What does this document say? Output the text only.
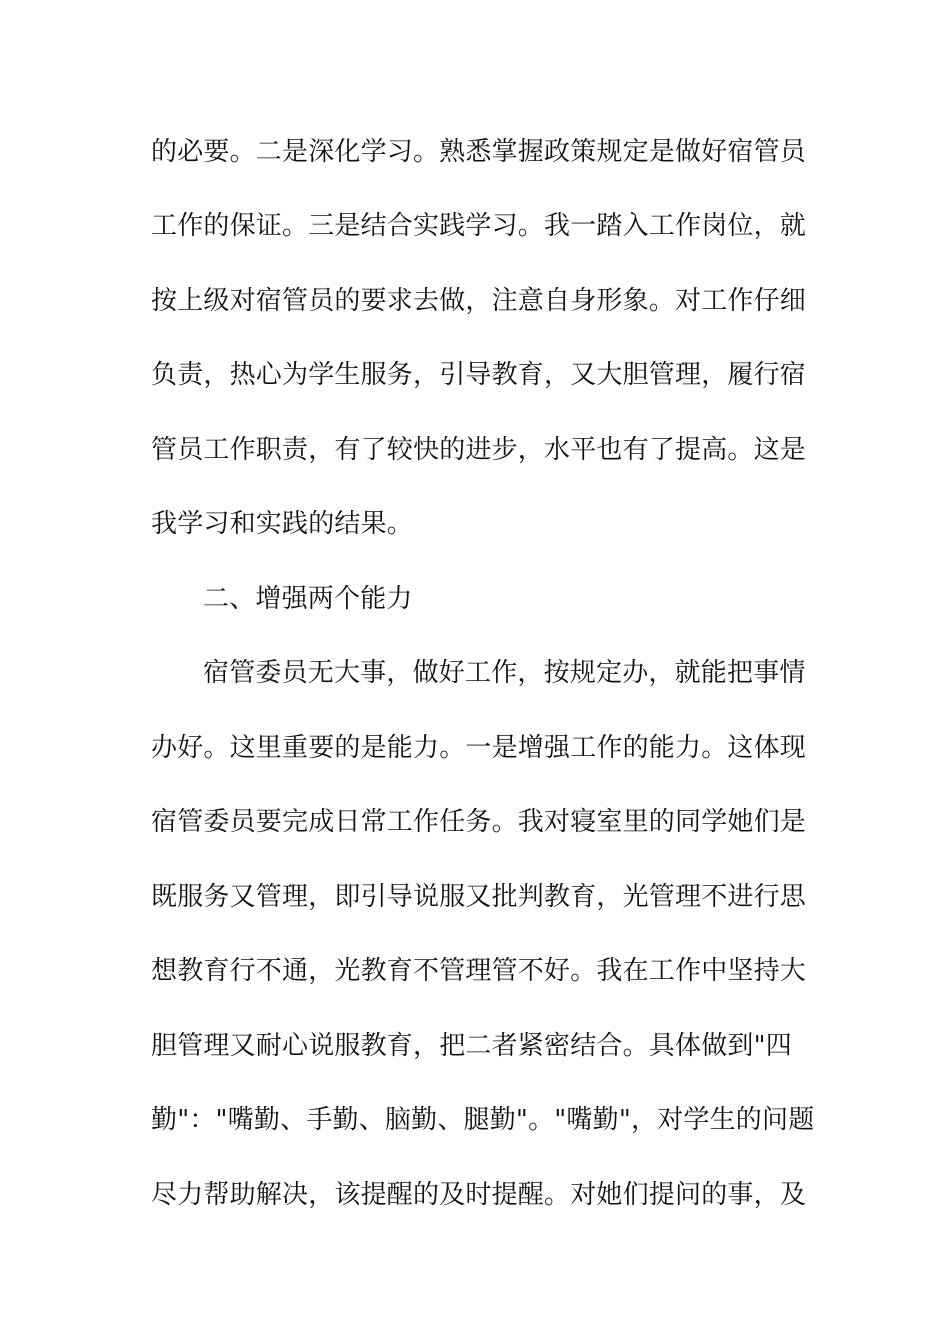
的必要。二是深化学习。熟悉掌握政策规定是做好宿管员
工作的保证。三是结合实践学习。我一踏入工作岗位，就
按上级对宿管员的要求去做，注意自身形象。对工作仔细
负责，热心为学生服务，引导教育，又大胆管理，履行宿
管员工作职责，有了较快的进步，水平也有了提高。这是
我学习和实践的结果。
二、增强两个能力
宿管委员无大事，做好工作，按规定办，就能把事情
办好。这里重要的是能力。一是增强工作的能力。这体现
宿管委员要完成日常工作任务。我对寝室里的同学她们是
既服务又管理，即引导说服又批判教育，光管理不进行思
想教育行不通，光教育不管理管不好。我在工作中坚持大
胆管理又耐心说服教育，把二者紧密结合。具体做到"四
勤"："嘴勤、手勤、脑勤、腿勤"。"嘴勤"，对学生的问题
尽力帮助解决，该提醒的及时提醒。对她们提问的事，及
